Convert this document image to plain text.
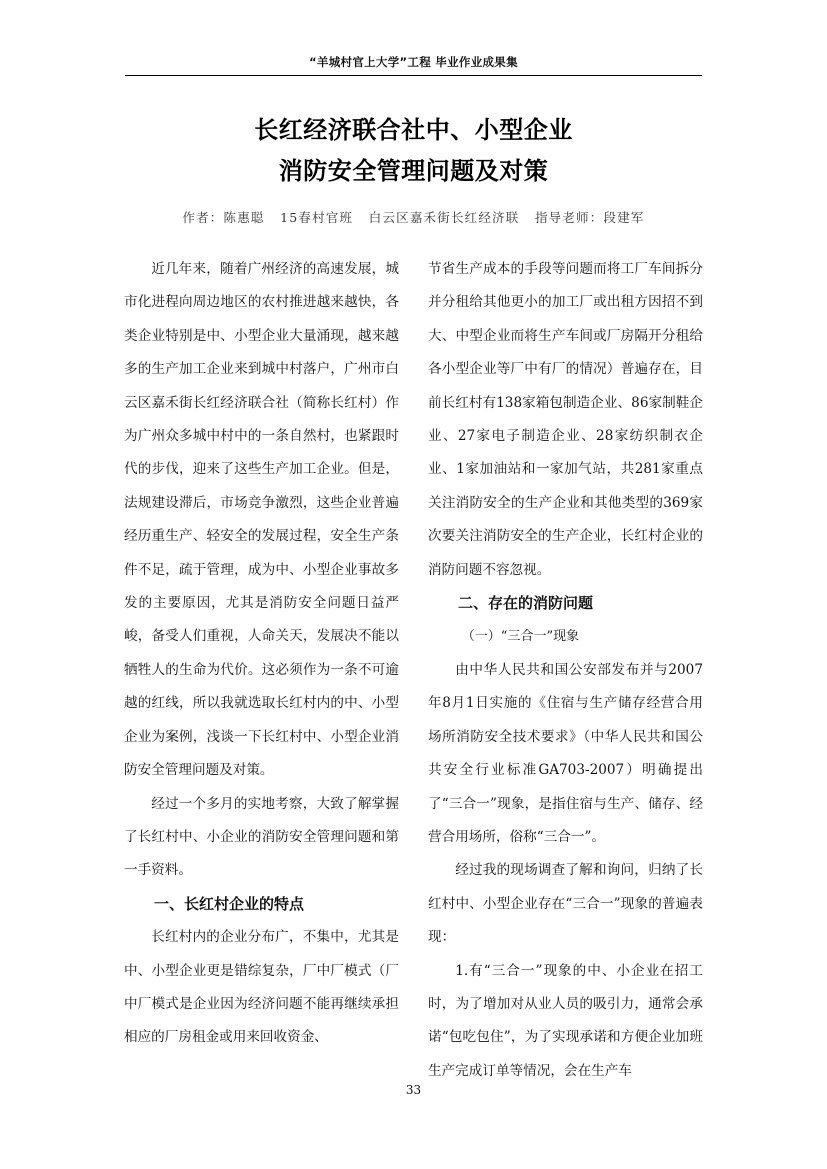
“羊城村官上大学”工程 毕业作业成果集
长红经济联合社中、小型企业
消防安全管理问题及对策
作者：陈惠聪   15春村官班   白云区嘉禾街长红经济联   指导老师：段建军

近几年来，随着广州经济的高速发展，城市化进程向周边地区的农村推进越来越快，各类企业特别是中、小型企业大量涌现，越来越多的生产加工企业来到城中村落户，广州市白云区嘉禾街长红经济联合社（简称长红村）作为广州众多城中村中的一条自然村，也紧跟时代的步伐，迎来了这些生产加工企业。但是，法规建设滞后，市场竞争激烈，这些企业普遍经历重生产、轻安全的发展过程，安全生产条件不足，疏于管理，成为中、小型企业事故多发的主要原因，尤其是消防安全问题日益严峻，备受人们重视，人命关天，发展决不能以牺牲人的生命为代价。这必须作为一条不可逾越的红线，所以我就选取长红村内的中、小型企业为案例，浅谈一下长红村中、小型企业消防安全管理问题及对策。

经过一个多月的实地考察，大致了解掌握了长红村中、小企业的消防安全管理问题和第一手资料。

一、长红村企业的特点

长红村内的企业分布广，不集中，尤其是中、小型企业更是错综复杂，厂中厂模式（厂中厂模式是企业因为经济问题不能再继续承担相应的厂房租金或用来回收资金、

节省生产成本的手段等问题而将工厂车间拆分并分租给其他更小的加工厂或出租方因招不到大、中型企业而将生产车间或厂房隔开分租给各小型企业等厂中有厂的情况）普遍存在，目前长红村有138家箱包制造企业、86家制鞋企业、27家电子制造企业、28家纺织制衣企业、1家加油站和一家加气站，共281家重点关注消防安全的生产企业和其他类型的369家次要关注消防安全的生产企业，长红村企业的消防问题不容忽视。

二、存在的消防问题
（一）“三合一”现象

由中华人民共和国公安部发布并与2007年8月1日实施的《住宿与生产储存经营合用场所消防安全技术要求》（中华人民共和国公共安全行业标准GA703-2007）明确提出了“三合一”现象，是指住宿与生产、储存、经营合用场所，俗称“三合一”。

经过我的现场调查了解和询问，归纳了长红村中、小型企业存在“三合一”现象的普遍表现：

1.有“三合一”现象的中、小企业在招工时，为了增加对从业人员的吸引力，通常会承诺“包吃包住”，为了实现承诺和方便企业加班生产完成订单等情况，会在生产车

33
